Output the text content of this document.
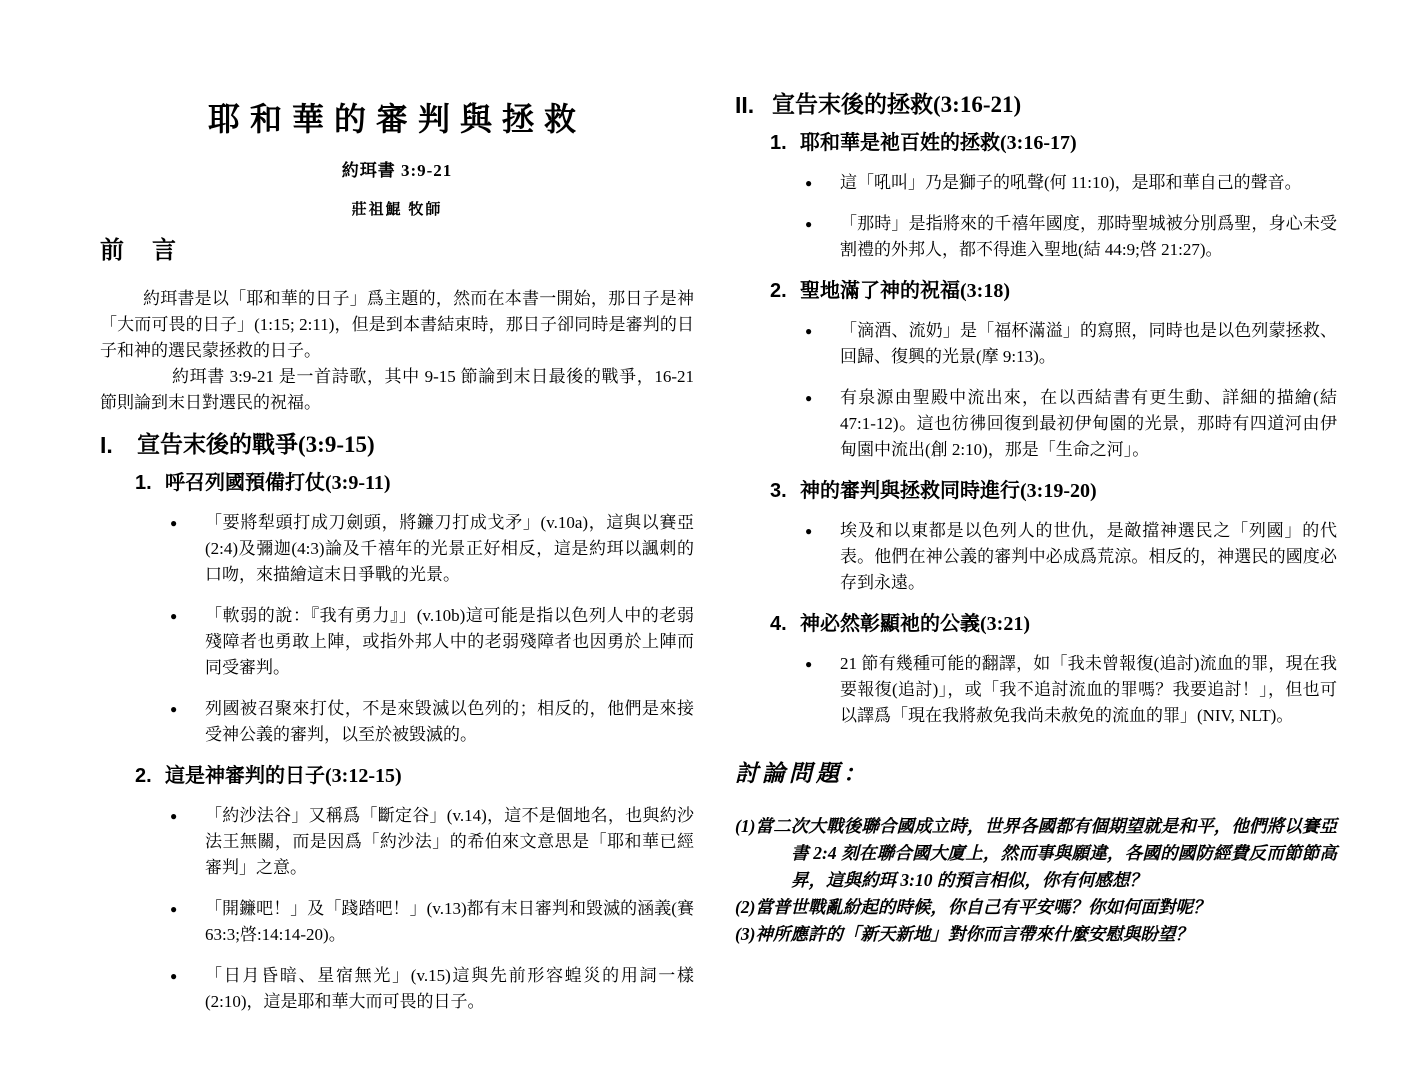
耶和華的審判與拯救
約珥書 3:9-21
莊祖鯤 牧師
前　言

約珥書是以「耶和華的日子」爲主題的，然而在本書一開始，那日子是神「大而可畏的日子」(1:15; 2:11)，但是到本書結束時，那日子卻同時是審判的日子和神的選民蒙拯救的日子。

約珥書 3:9-21 是一首詩歌，其中 9-15 節論到末日最後的戰爭，16-21 節則論到末日對選民的祝福。

I.	宣告末後的戰爭(3:9-15)
1. 呼召列國預備打仗(3:9-11)
●	「要將犁頭打成刀劍頭，將鐮刀打成戈矛」(v.10a)，這與以賽亞(2:4)及彌迦(4:3)論及千禧年的光景正好相反，這是約珥以諷刺的口吻，來描繪這末日爭戰的光景。
●	「軟弱的說：『我有勇力』」(v.10b)這可能是指以色列人中的老弱殘障者也勇敢上陣，或指外邦人中的老弱殘障者也因勇於上陣而同受審判。
●	列國被召聚來打仗，不是來毀滅以色列的；相反的，他們是來接受神公義的審判，以至於被毀滅的。
2. 這是神審判的日子(3:12-15)
●	「約沙法谷」又稱爲「斷定谷」(v.14)，這不是個地名，也與約沙法王無關，而是因爲「約沙法」的希伯來文意思是「耶和華已經審判」之意。
●	「開鐮吧！」及「踐踏吧！」(v.13)都有末日審判和毀滅的涵義(賽 63:3;啓:14:14-20)。
●	「日月昏暗、星宿無光」(v.15)這與先前形容蝗災的用詞一樣(2:10)，這是耶和華大而可畏的日子。
II. 宣告末後的拯救(3:16-21)
1. 耶和華是祂百姓的拯救(3:16-17)
●	這「吼叫」乃是獅子的吼聲(何 11:10)，是耶和華自己的聲音。
●	「那時」是指將來的千禧年國度，那時聖城被分別爲聖，身心未受割禮的外邦人，都不得進入聖地(結 44:9;啓 21:27)。
2. 聖地滿了神的祝福(3:18)
●	「滴酒、流奶」是「福杯滿溢」的寫照，同時也是以色列蒙拯救、回歸、復興的光景(摩 9:13)。
●	有泉源由聖殿中流出來，在以西結書有更生動、詳細的描繪(結 47:1-12)。這也彷彿回復到最初伊甸園的光景，那時有四道河由伊甸園中流出(創 2:10)，那是「生命之河」。
3. 神的審判與拯救同時進行(3:19-20)
●	埃及和以東都是以色列人的世仇，是敵擋神選民之「列國」的代表。他們在神公義的審判中必成爲荒涼。相反的，神選民的國度必存到永遠。
4. 神必然彰顯祂的公義(3:21)
●	21 節有幾種可能的翻譯，如「我未曾報復(追討)流血的罪，現在我要報復(追討)」，或「我不追討流血的罪嗎？我要追討！」，但也可以譯爲「現在我將赦免我尚未赦免的流血的罪」(NIV, NLT)。
討論問題：

(1)當二次大戰後聯合國成立時，世界各國都有個期望就是和平，他們將以賽亞書 2:4 刻在聯合國大廈上，然而事與願違，各國的國防經費反而節節高昇，這與約珥 3:10 的預言相似，你有何感想？

(2)當普世戰亂紛起的時候，你自己有平安嗎？你如何面對呢？

(3)神所應許的「新天新地」對你而言帶來什麼安慰與盼望？
